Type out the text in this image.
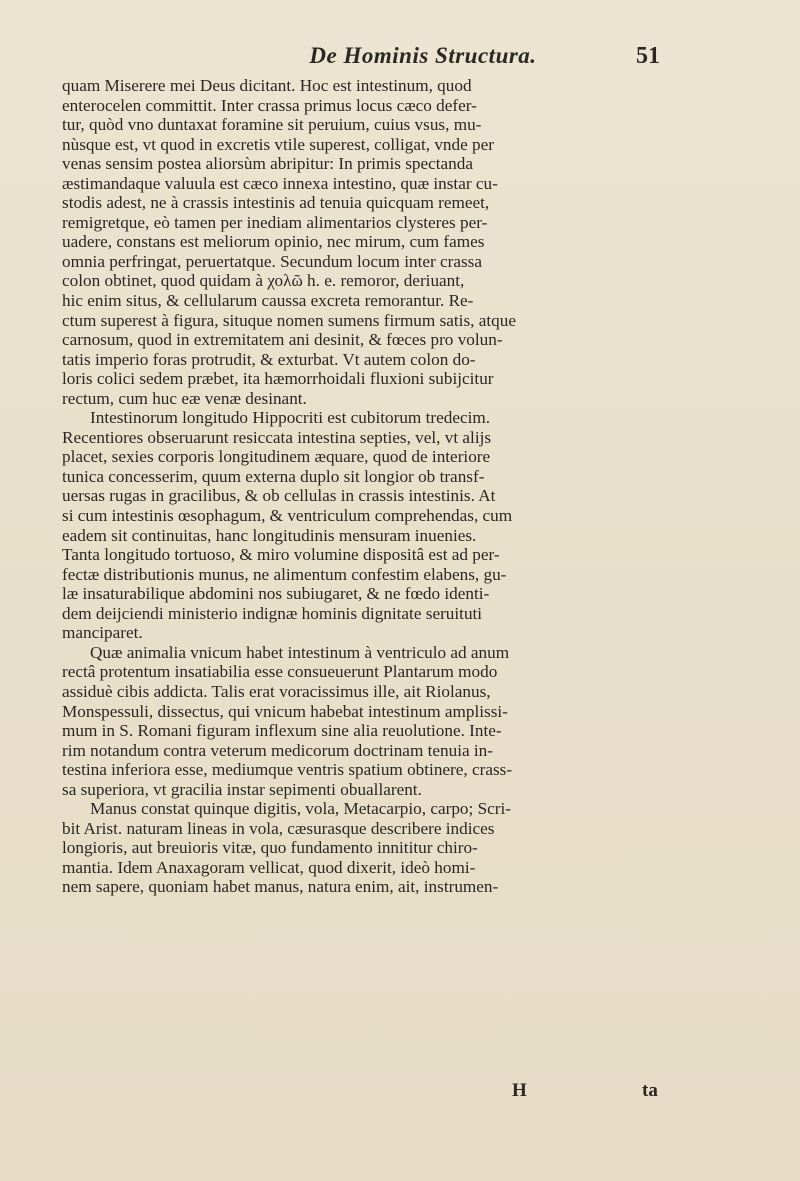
De Hominis Structura.	51
quam Miserere mei Deus dicitant. Hoc est intestinum, quod
enterocelen committit. Inter crassa primus locus cæco defer-
tur, quòd vno duntaxat foramine sit peruium, cuius vsus, mu-
nùsque est, vt quod in excretis vtile superest, colligat, vnde per
venas sensim postea aliorsùm abripitur: In primis spectanda
æstimandaque valuula est cæco innexa intestino, quæ instar cu-
stodis adest, ne à crassis intestinis ad tenuia quicquam remeet,
remigretque, eò tamen per inediam alimentarios clysteres per-
uadere, constans est meliorum opinio, nec mirum, cum fames
omnia perfringat, peruertatque. Secundum locum inter crassa
colon obtinet, quod quidam à χολῶ h. e. remoror, deriuant,
hic enim situs, & cellularum caussa excreta remorantur. Re-
ctum superest à figura, situque nomen sumens firmum satis, atque
carnosum, quod in extremitatem ani desinit, & fœces pro volun-
tatis imperio foras protrudit, & exturbat. Vt autem colon do-
loris colici sedem præbet, ita hæmorrhoidali fluxioni subijcitur
rectum, cum huc eæ venæ desinant.
Intestinorum longitudo Hippocriti est cubitorum tredecim.
Recentiores obseruarunt resiccata intestina septies, vel, vt alijs
placet, sexies corporis longitudinem æquare, quod de interiore
tunica concesserim, quum externa duplo sit longior ob transf-
uersas rugas in gracilibus, & ob cellulas in crassis intestinis. At
si cum intestinis œsophagum, & ventriculum comprehendas, cum
eadem sit continuitas, hanc longitudinis mensuram inuenies.
Tanta longitudo tortuoso, & miro volumine dispositâ est ad per-
fectæ distributionis munus, ne alimentum confestim elabens, gu-
læ insaturabilique abdomini nos subiugaret, & ne fœdo identi-
dem deijciendi ministerio indignæ hominis dignitate seruituti
manciparet.
Quæ animalia vnicum habet intestinum à ventriculo ad anum
rectâ protentum insatiabilia esse consueuerunt Plantarum modo
assiduè cibis addicta. Talis erat voracissimus ille, ait Riolanus,
Monspessuli, dissectus, qui vnicum habebat intestinum amplissi-
mum in S. Romani figuram inflexum sine alia reuolutione. Inte-
rim notandum contra veterum medicorum doctrinam tenuia in-
testina inferiora esse, mediumque ventris spatium obtinere, crass-
sa superiora, vt gracilia instar sepimenti obuallarent.
Manus constat quinque digitis, vola, Metacarpio, carpo; Scri-
bit Arist. naturam lineas in vola, cæsurasque describere indices
longioris, aut breuioris vitæ, quo fundamento innititur chiro-
mantia. Idem Anaxagoram vellicat, quod dixerit, ideò homi-
nem sapere, quoniam habet manus, natura enim, ait, instrumen-
H	ta
